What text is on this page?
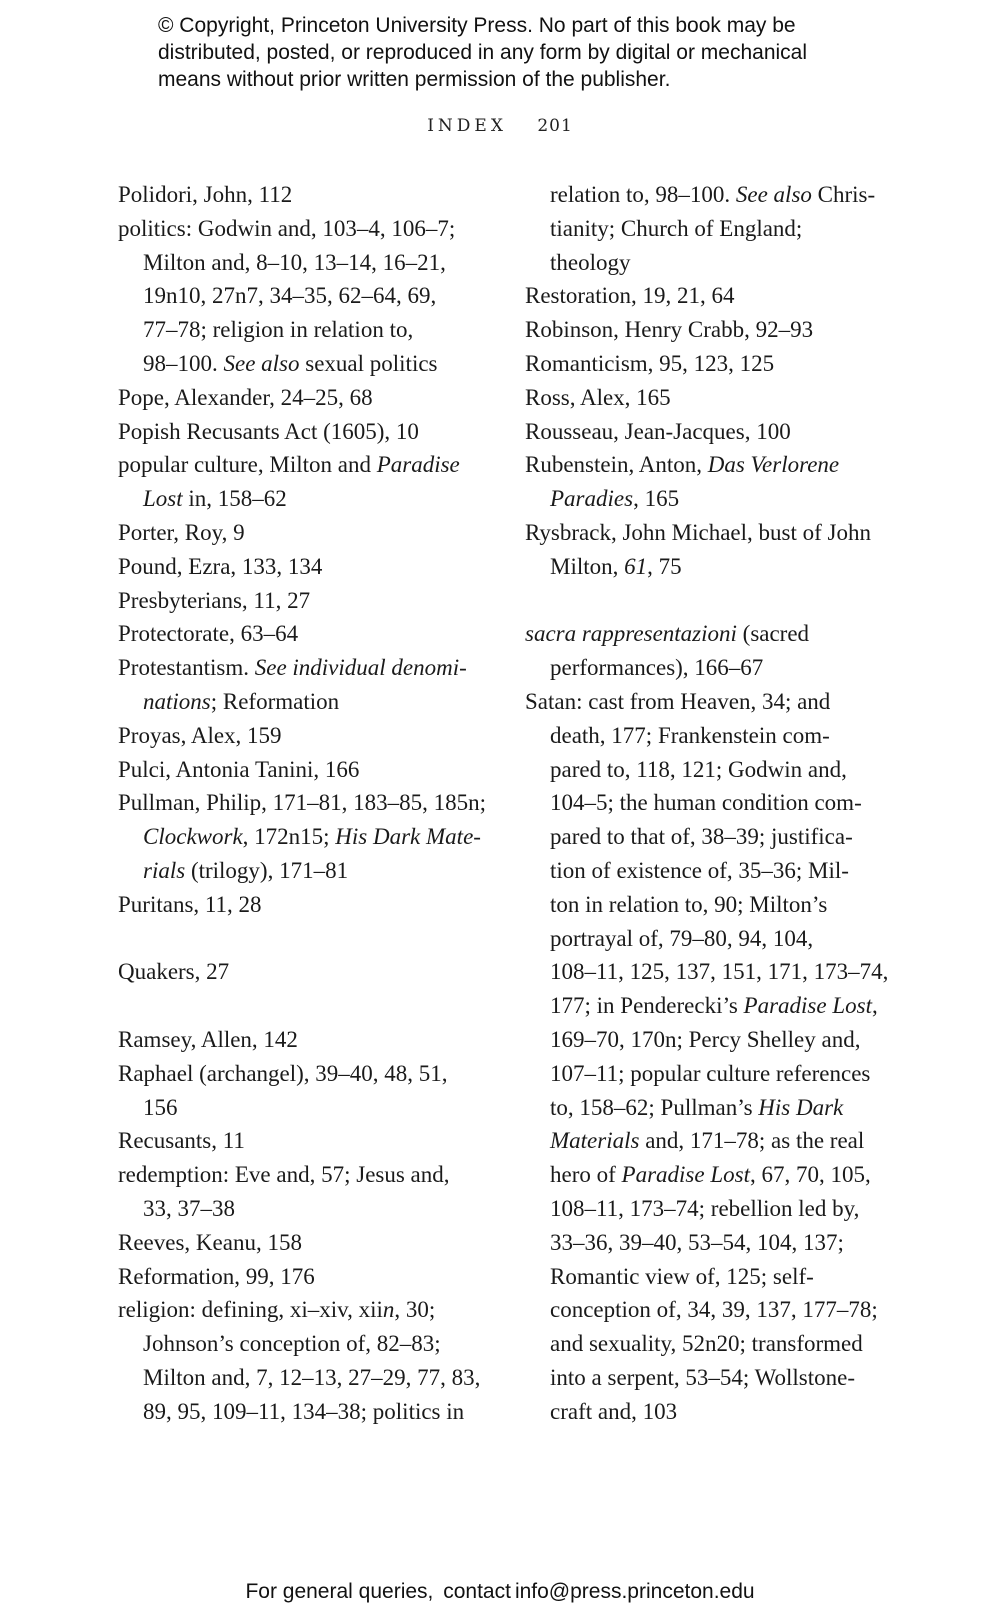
© Copyright, Princeton University Press. No part of this book may be
distributed, posted, or reproduced in any form by digital or mechanical
means without prior written permission of the publisher.
INDEX 201
Polidori, John, 112
politics: Godwin and, 103–4, 106–7;
Milton and, 8–10, 13–14, 16–21,
19n10, 27n7, 34–35, 62–64, 69,
77–78; religion in relation to,
98–100. See also sexual politics
Pope, Alexander, 24–25, 68
Popish Recusants Act (1605), 10
popular culture, Milton and Paradise
Lost in, 158–62
Porter, Roy, 9
Pound, Ezra, 133, 134
Presbyterians, 11, 27
Protectorate, 63–64
Protestantism. See individual denomi-
nations; Reformation
Proyas, Alex, 159
Pulci, Antonia Tanini, 166
Pullman, Philip, 171–81, 183–85, 185n;
Clockwork, 172n15; His Dark Mate-
rials (trilogy), 171–81
Puritans, 11, 28
Quakers, 27
Ramsey, Allen, 142
Raphael (archangel), 39–40, 48, 51,
156
Recusants, 11
redemption: Eve and, 57; Jesus and,
33, 37–38
Reeves, Keanu, 158
Reformation, 99, 176
religion: defining, xi–xiv, xiin, 30;
Johnson’s conception of, 82–83;
Milton and, 7, 12–13, 27–29, 77, 83,
89, 95, 109–11, 134–38; politics in
relation to, 98–100. See also Chris-
tianity; Church of England;
theology
Restoration, 19, 21, 64
Robinson, Henry Crabb, 92–93
Romanticism, 95, 123, 125
Ross, Alex, 165
Rousseau, Jean-Jacques, 100
Rubenstein, Anton, Das Verlorene
Paradies, 165
Rysbrack, John Michael, bust of John
Milton, 61, 75
sacra rappresentazioni (sacred
performances), 166–67
Satan: cast from Heaven, 34; and
death, 177; Frankenstein com-
pared to, 118, 121; Godwin and,
104–5; the human condition com-
pared to that of, 38–39; justifica-
tion of existence of, 35–36; Mil-
ton in relation to, 90; Milton’s
portrayal of, 79–80, 94, 104,
108–11, 125, 137, 151, 171, 173–74,
177; in Penderecki’s Paradise Lost,
169–70, 170n; Percy Shelley and,
107–11; popular culture references
to, 158–62; Pullman’s His Dark
Materials and, 171–78; as the real
hero of Paradise Lost, 67, 70, 105,
108–11, 173–74; rebellion led by,
33–36, 39–40, 53–54, 104, 137;
Romantic view of, 125; self-
conception of, 34, 39, 137, 177–78;
and sexuality, 52n20; transformed
into a serpent, 53–54; Wollstone-
craft and, 103
For general queries, contact info@press.princeton.edu
